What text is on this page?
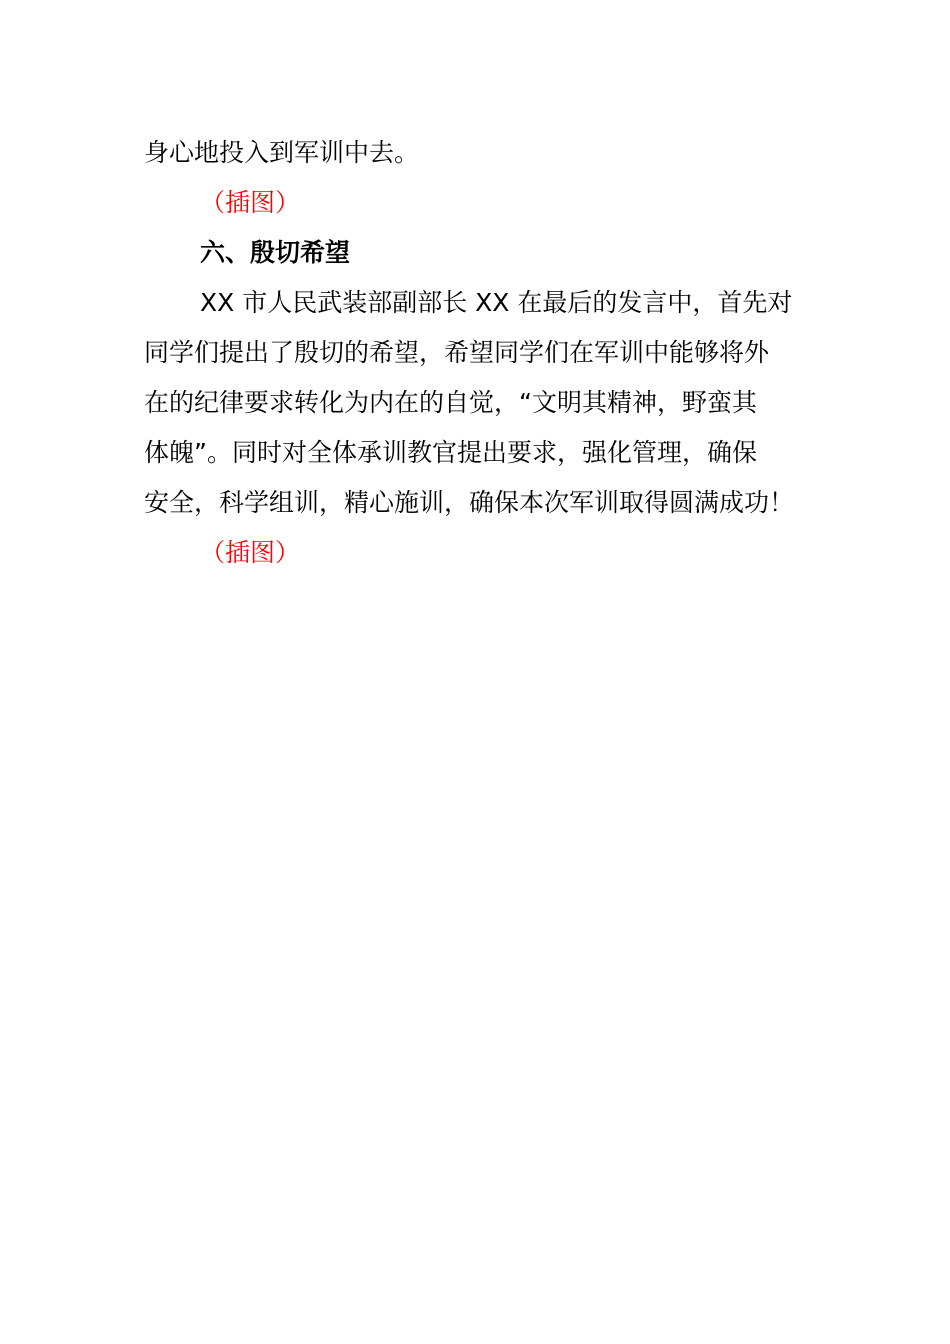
身心地投入到军训中去。
（插图）
六、殷切希望
XX 市人民武装部副部长 XX 在最后的发言中，首先对
同学们提出了殷切的希望，希望同学们在军训中能够将外
在的纪律要求转化为内在的自觉，“文明其精神，野蛮其
体魄”。同时对全体承训教官提出要求，强化管理，确保
安全，科学组训，精心施训，确保本次军训取得圆满成功！
（插图）
